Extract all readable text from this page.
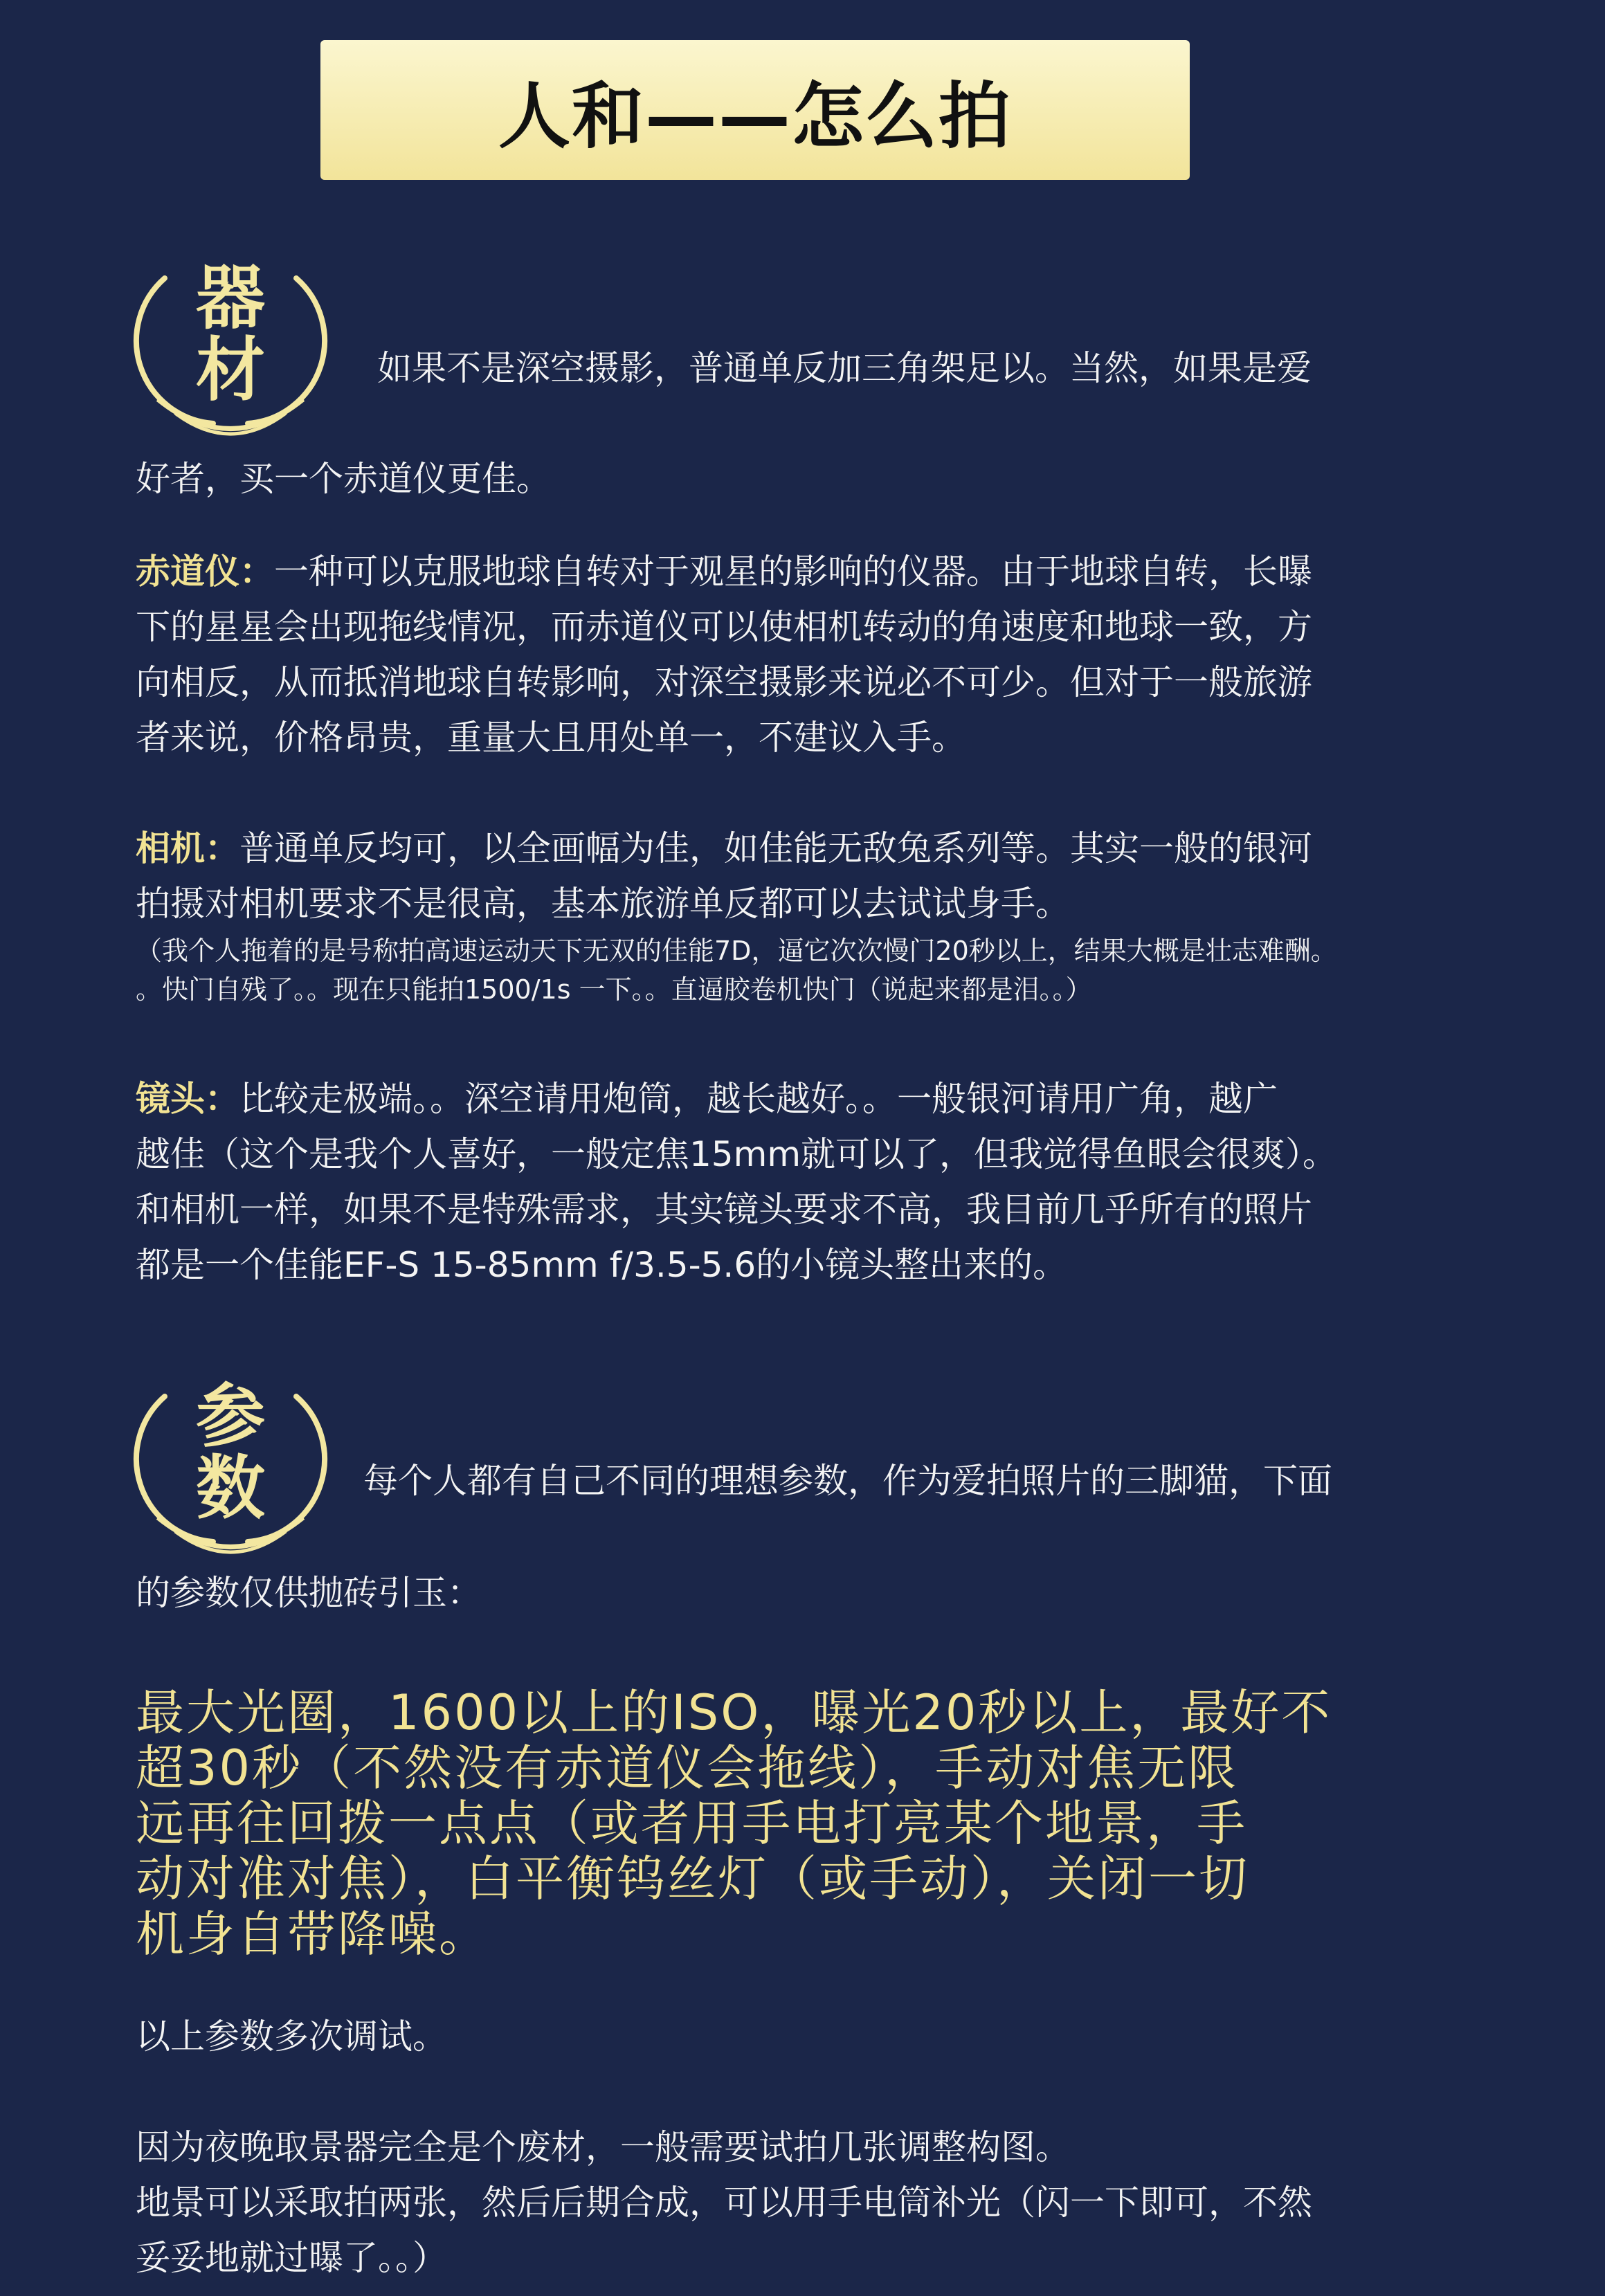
人和——怎么拍
器
材	如果不是深空摄影，普通单反加三角架足以。当然，如果是爱
好者，买一个赤道仪更佳。
赤道仪：一种可以克服地球自转对于观星的影响的仪器。由于地球自转，长曝
下的星星会出现拖线情况，而赤道仪可以使相机转动的角速度和地球一致，方
向相反，从而抵消地球自转影响，对深空摄影来说必不可少。但对于一般旅游
者来说，价格昂贵，重量大且用处单一，不建议入手。
相机：普通单反均可，以全画幅为佳，如佳能无敌兔系列等。其实一般的银河
拍摄对相机要求不是很高，基本旅游单反都可以去试试身手。
（我个人拖着的是号称拍高速运动天下无双的佳能7D，逼它次次慢门20秒以上，结果大概是壮志难酬。
。快门自残了。。现在只能拍1500/1s 一下。。直逼胶卷机快门（说起来都是泪。。）
镜头：比较走极端。。深空请用炮筒，越长越好。。一般银河请用广角，越广
越佳（这个是我个人喜好，一般定焦15mm就可以了，但我觉得鱼眼会很爽）。
和相机一样，如果不是特殊需求，其实镜头要求不高，我目前几乎所有的照片
都是一个佳能EF-S 15-85mm f/3.5-5.6的小镜头整出来的。
参
数	每个人都有自己不同的理想参数，作为爱拍照片的三脚猫，下面
的参数仅供抛砖引玉：
最大光圈，1600以上的ISO，曝光20秒以上，最好不
超30秒（不然没有赤道仪会拖线），手动对焦无限
远再往回拨一点点（或者用手电打亮某个地景，手
动对准对焦），白平衡钨丝灯（或手动），关闭一切
机身自带降噪。
以上参数多次调试。
因为夜晚取景器完全是个废材，一般需要试拍几张调整构图。
地景可以采取拍两张，然后后期合成，可以用手电筒补光（闪一下即可，不然
妥妥地就过曝了。。）
